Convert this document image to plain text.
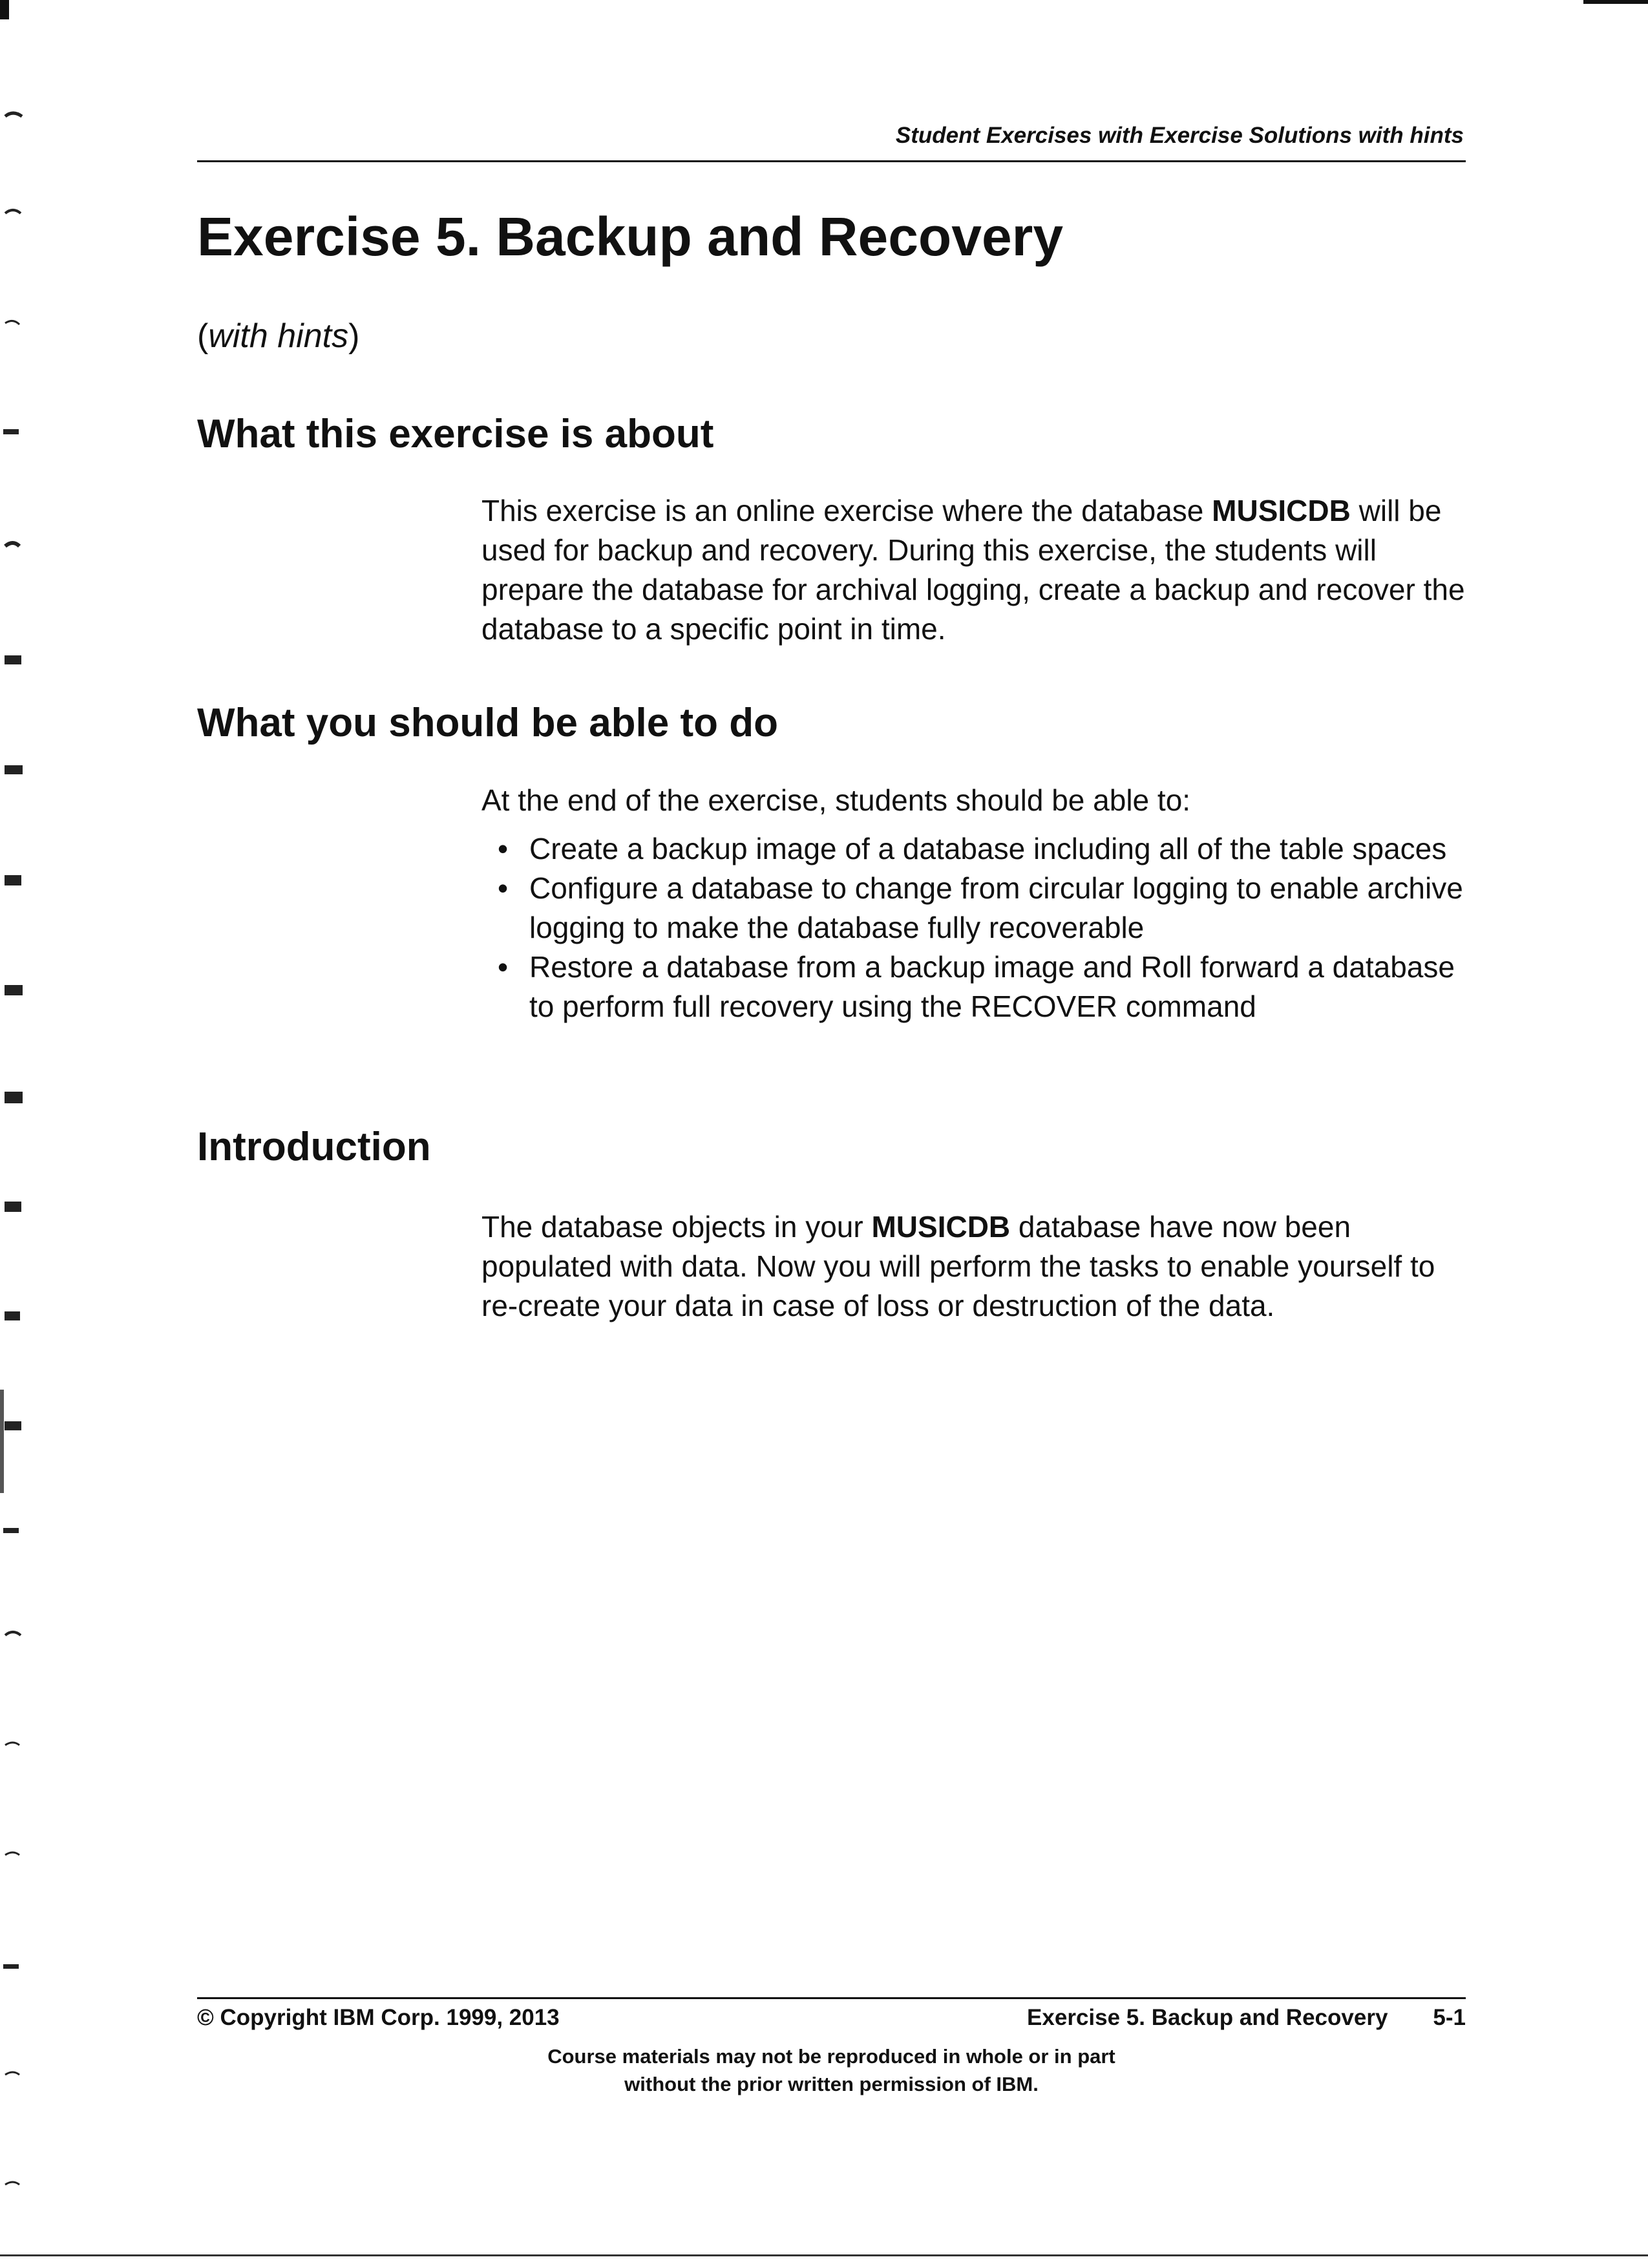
Student Exercises with Exercise Solutions with hints
Exercise 5. Backup and Recovery
(with hints)
What this exercise is about

This exercise is an online exercise where the database MUSICDB will be used for backup and recovery. During this exercise, the students will prepare the database for archival logging, create a backup and recover the database to a specific point in time.

What you should be able to do

At the end of the exercise, students should be able to:

• Create a backup image of a database including all of the table spaces
• Configure a database to change from circular logging to enable archive logging to make the database fully recoverable
• Restore a database from a backup image and Roll forward a database to perform full recovery using the RECOVER command
Introduction

The database objects in your MUSICDB database have now been populated with data. Now you will perform the tasks to enable yourself to re-create your data in case of loss or destruction of the data.

© Copyright IBM Corp. 1999, 2013	Exercise 5. Backup and Recovery 5-1
Course materials may not be reproduced in whole or in part
without the prior written permission of IBM.
